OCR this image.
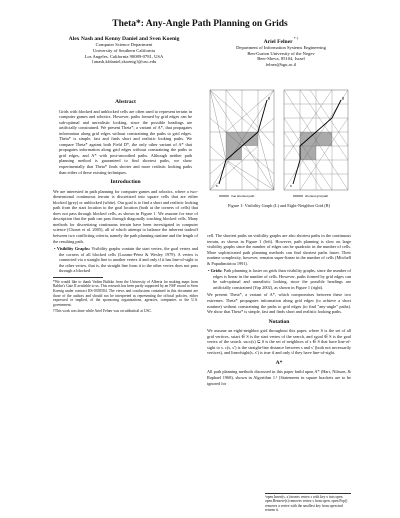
Theta*: Any-Angle Path Planning on Grids
Alex Nash and Kenny Daniel and Sven Koenig
Computer Science Department
University of Southern California
Los Angeles, California 90089-0781, USA
{anash,kfdaniel,skoenig}@usc.edu
Ariel Felner * †
Department of Information Systems Engineering
Ben-Gurion University of the Negev
Beer-Sheva, 85104, Israel
felner@bgu.ac.il
Abstract

Grids with blocked and unblocked cells are often used to represent terrain in computer games and robotics. However, paths formed by grid edges can be sub-optimal and unrealistic looking, since the possible headings are artificially constrained. We present Theta*, a variant of A*, that propagates information along grid edges without constraining the paths to grid edges. Theta* is simple, fast and finds short and realistic looking paths. We compare Theta* against both Field D*, the only other variant of A* that propagates information along grid edges without constraining the paths to grid edges, and A* with post-smoothed paths. Although neither path planning method is guaranteed to find shortest paths, we show experimentally that Theta* finds shorter and more realistic looking paths than either of these existing techniques.

Introduction

We are interested in path planning for computer games and robotics, where a two-dimensional continuous terrain is discretized into square cells that are either blocked (grey) or unblocked (white). Our goal is to find a short and realistic looking path from the start location to the goal location (both at the corners of cells) that does not pass through blocked cells, as shown in Figure 1. We assume for ease of description that the path can pass through diagonally touching blocked cells. Many methods for discretizing continuous terrain have been investigated in computer science (Choset et al. 2005), all of which attempt to balance the inherent tradeoff between two conflicting criteria, namely the path planning runtime and the length of the resulting path.

• Visibility Graphs: Visibility graphs contain the start vertex, the goal vertex and the corners of all blocked cells (Lozano-Pérez & Wesley 1979). A vertex is connected via a straight line to another vertex if and only if it has line-of-sight to the other vertex, that is, the straight line from it to the other vertex does not pass through a blocked

*We would like to thank Vadim Bulitko from the University of Alberta for making maps from Baldur's Gate II available to us. This research has been partly supported by an NSF award to Sven Koenig under contract IIS-0350584. The views and conclusions contained in this document are those of the authors and should not be interpreted as representing the official policies, either expressed or implied, of the sponsoring organizations, agencies, companies or the U.S. government.

†This work was done while Ariel Felner was on sabbatical at USC.

s
g
true shortest path
s
g
shortest grid path
Figure 1: Visibility Graph (L) and Eight-Neighbor Grid (R)

cell. The shortest paths on visibility graphs are also shortest paths in the continuous terrain, as shown in Figure 1 (left). However, path planning is slow on large visibility graphs since the number of edges can be quadratic in the number of cells. More sophisticated path planning methods can find shortest paths faster. Their runtime complexity, however, remains super-linear in the number of cells (Mitchell & Papadimitriou 1991).

• Grids: Path planning is faster on grids than visibility graphs, since the number of edges is linear in the number of cells. However, paths formed by grid edges can be sub-optimal and unrealistic looking, since the possible headings are artificially constrained (Yap 2002), as shown in Figure 1 (right).

We present Theta*, a variant of A*, which compromises between these two extremes. Theta* propagates information along grid edges (to achieve a short runtime) without constraining the paths to grid edges (to find "any-angle" paths). We show that Theta* is simple, fast and finds short and realistic looking paths.

Notation

We assume an eight-neighbor grid throughout this paper, where S is the set of all grid vertices, sstart ∈ S is the start vertex of the search, and sgoal ∈ S is the goal vertex of the search. succ(s) ⊆ S is the set of neighbors of s ∈ S that have line-of-sight to s. c(s, s′) is the straight-line distance between s and s′ (both not necessarily vertices), and lineofsight(s, s′) is true if and only if they have line-of-sight.

A*

All path planning methods discussed in this paper build upon A* (Hart, Nilsson, & Raphael 1968), shown in Algorithm 1.¹ [Statements in square brackets are to be ignored for

¹open.Insert(s, x) inserts vertex s with key x into open. open.Remove(s) removes vertex s from open. open.Pop() removes a vertex with the smallest key from open and returns it.
